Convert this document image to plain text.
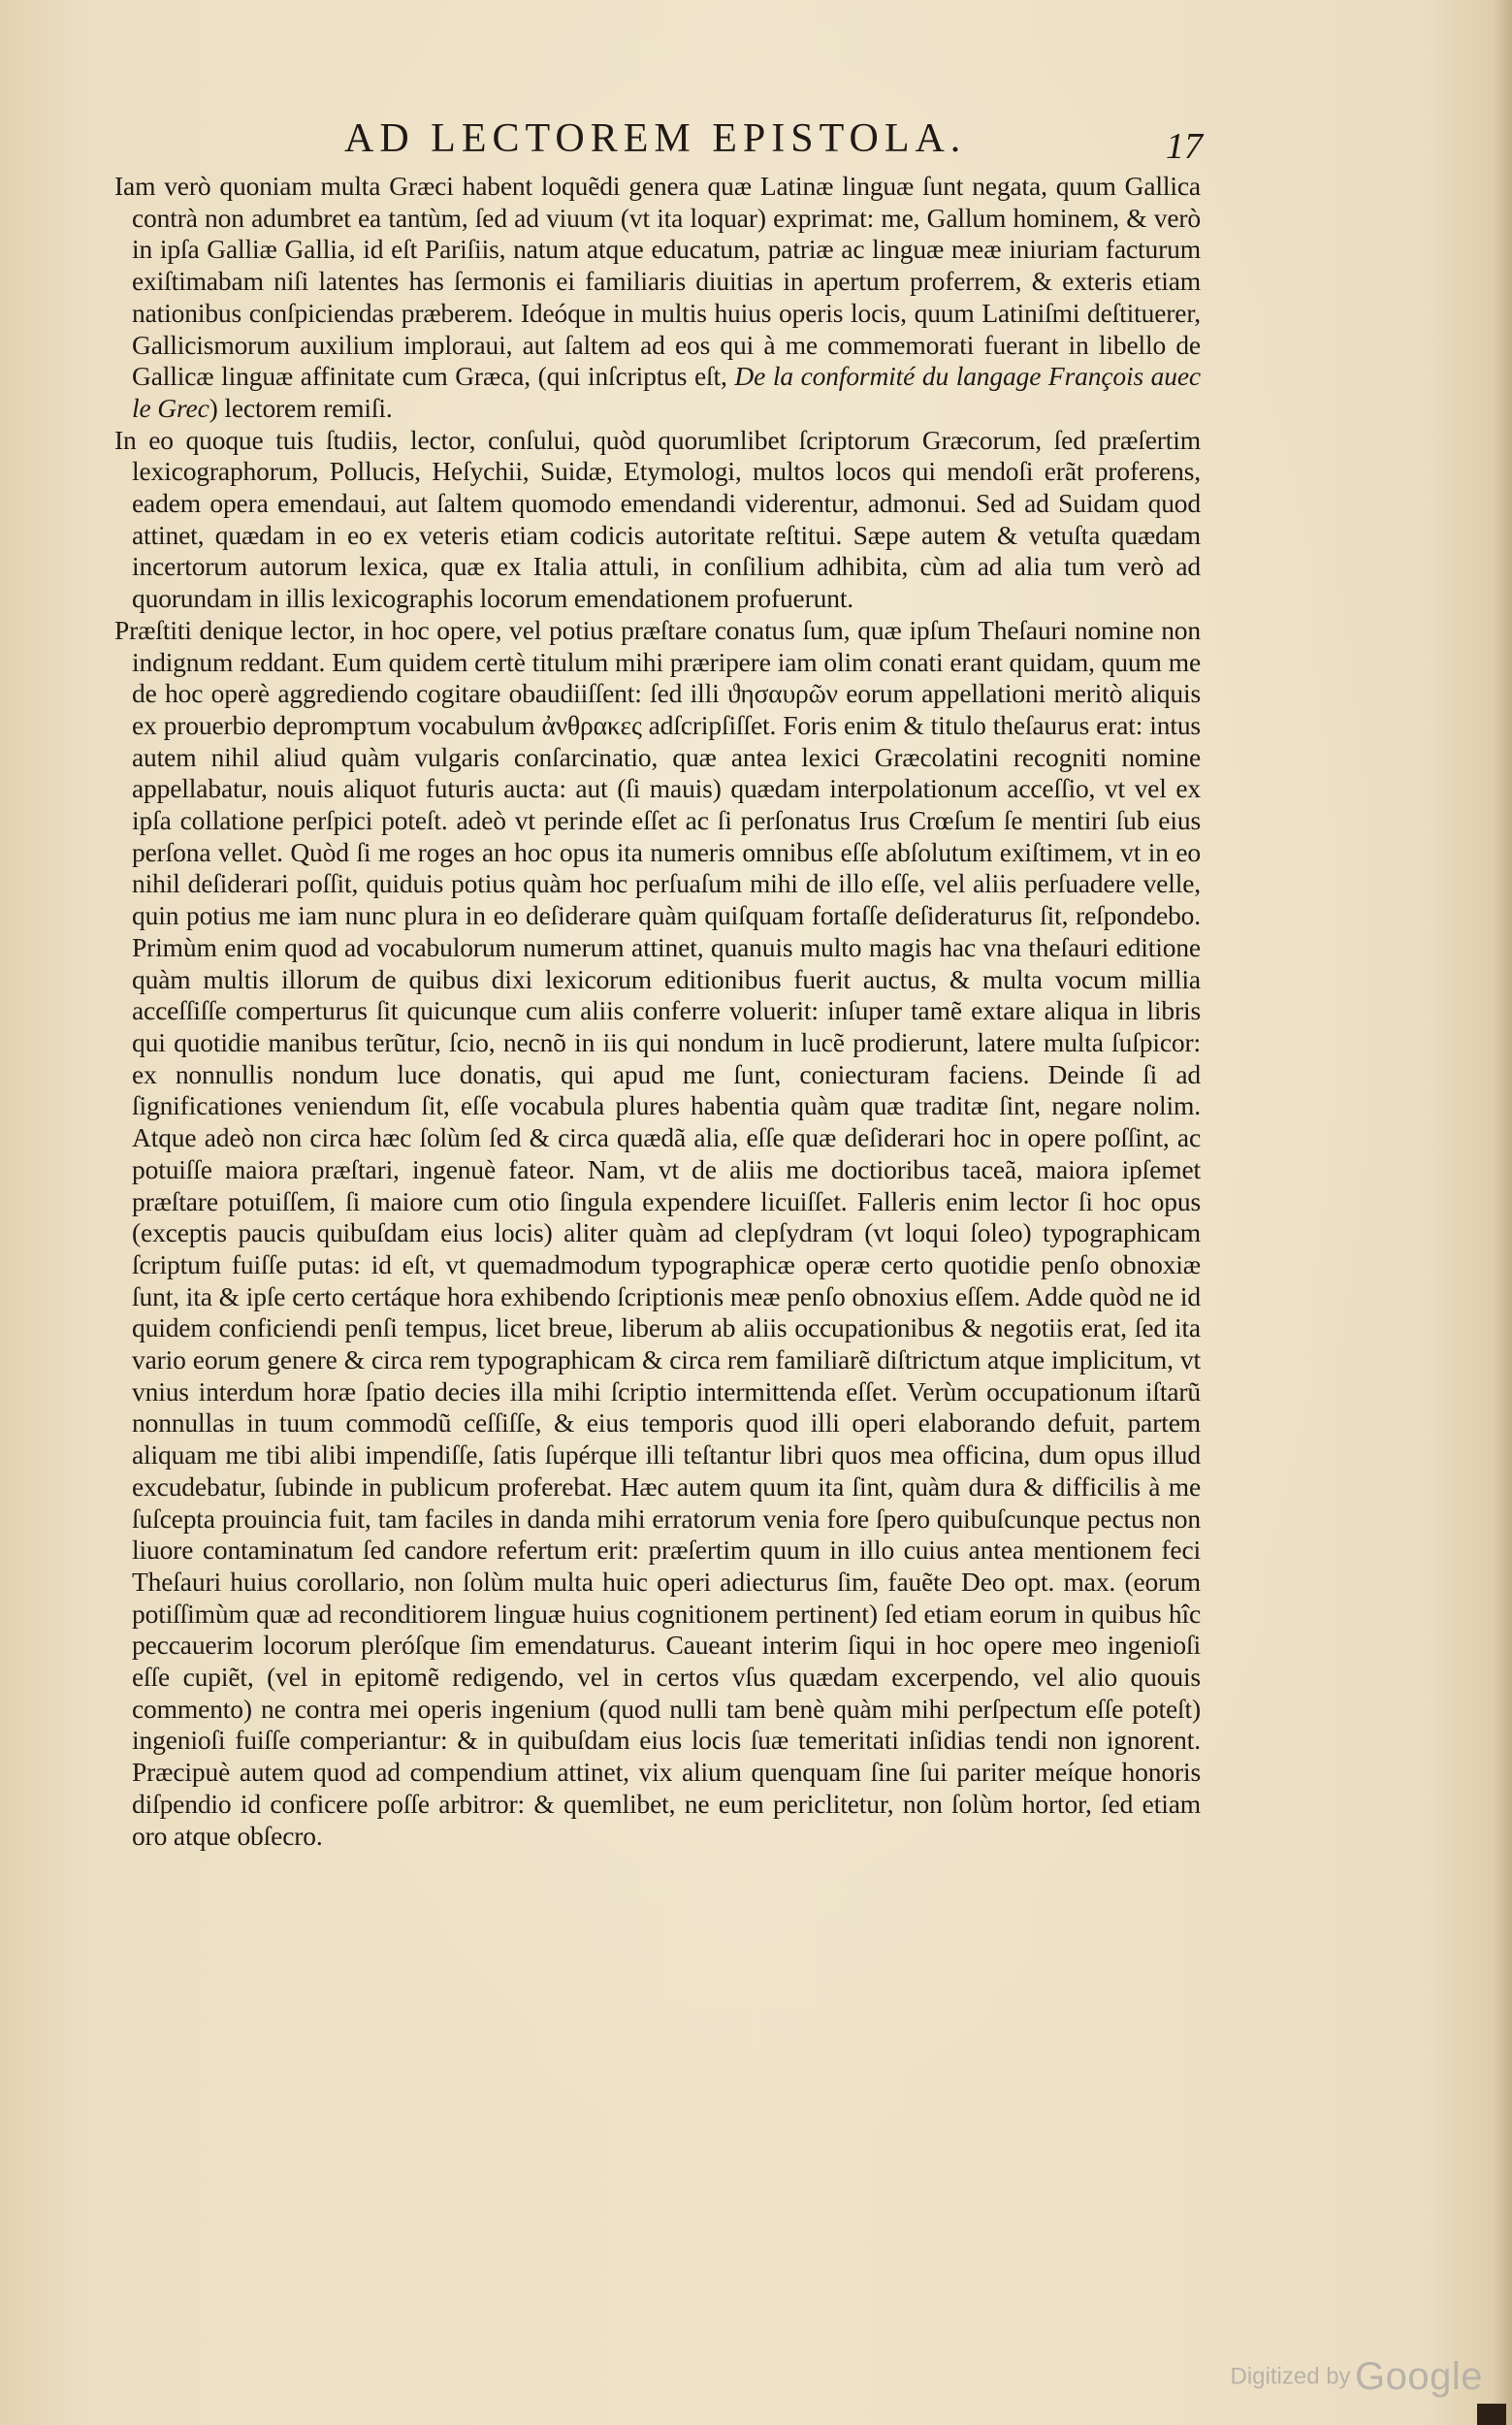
AD LECTOREM EPISTOLA.	17

Iam verò quoniam multa Græci habent loquẽdi genera quæ Latinæ linguæ ſunt negata, quum Gallica contrà non adumbret ea tantùm, ſed ad viuum (vt ita loquar) exprimat: me, Gallum hominem, & verò in ipſa Galliæ Gallia, id eſt Pariſiis, natum atque educatum, patriæ ac linguæ meæ iniuriam facturum exiſtimabam niſi latentes has ſermonis ei familiaris diuitias in apertum proferrem, & exteris etiam nationibus conſpiciendas præberem. Ideóque in multis huius operis locis, quum Latiniſmi deſtituerer, Gallicismorum auxilium imploraui, aut ſaltem ad eos qui à me commemorati fuerant in libello de Gallicæ linguæ affinitate cum Græca, (qui inſcriptus eſt, De la conformité du langage François auec le Grec) lectorem remiſi.

In eo quoque tuis ſtudiis, lector, conſului, quòd quorumlibet ſcriptorum Græcorum, ſed præſertim lexicographorum, Pollucis, Heſychii, Suidæ, Etymologi, multos locos qui mendoſi erãt proferens, eadem opera emendaui, aut ſaltem quomodo emendandi viderentur, admonui. Sed ad Suidam quod attinet, quædam in eo ex veteris etiam codicis autoritate reſtitui. Sæpe autem & vetuſta quædam incertorum autorum lexica, quæ ex Italia attuli, in conſilium adhibita, cùm ad alia tum verò ad quorundam in illis lexicographis locorum emendationem profuerunt.

Præſtiti denique lector, in hoc opere, vel potius præſtare conatus ſum, quæ ipſum Theſauri nomine non indignum reddant. Eum quidem certè titulum mihi præripere iam olim conati erant quidam, quum me de hoc operè aggrediendo cogitare obaudiiſſent: ſed illi ϑησαυρῶν eorum appellationi meritò aliquis ex prouerbio deprompτum vocabulum ἀνθρακες adſcripſiſſet. Foris enim & titulo theſaurus erat: intus autem nihil aliud quàm vulgaris conſarcinatio, quæ antea lexici Græcolatini recogniti nomine appellabatur, nouis aliquot futuris aucta: aut (ſi mauis) quædam interpolationum acceſſio, vt vel ex ipſa collatione perſpici poteſt. adeò vt perinde eſſet ac ſi perſonatus Irus Crœſum ſe mentiri ſub eius perſona vellet. Quòd ſi me roges an hoc opus ita numeris omnibus eſſe abſolutum exiſtimem, vt in eo nihil deſiderari poſſit, quiduis potius quàm hoc perſuaſum mihi de illo eſſe, vel aliis perſuadere velle, quin potius me iam nunc plura in eo deſiderare quàm quiſquam fortaſſe deſideraturus ſit, reſpondebo. Primùm enim quod ad vocabulorum numerum attinet, quanuis multo magis hac vna theſauri editione quàm multis illorum de quibus dixi lexicorum editionibus fuerit auctus, & multa vocum millia acceſſiſſe comperturus ſit quicunque cum aliis conferre voluerit: inſuper tamẽ extare aliqua in libris qui quotidie manibus terũtur, ſcio, necnõ in iis qui nondum in lucẽ prodierunt, latere multa ſuſpicor: ex nonnullis nondum luce donatis, qui apud me ſunt, coniecturam faciens. Deinde ſi ad ſignificationes veniendum ſit, eſſe vocabula plures habentia quàm quæ traditæ ſint, negare nolim. Atque adeò non circa hæc ſolùm ſed & circa quædã alia, eſſe quæ deſiderari hoc in opere poſſint, ac potuiſſe maiora præſtari, ingenuè fateor. Nam, vt de aliis me doctioribus taceã, maiora ipſemet præſtare potuiſſem, ſi maiore cum otio ſingula expendere licuiſſet. Falleris enim lector ſi hoc opus (exceptis paucis quibuſdam eius locis) aliter quàm ad clepſydram (vt loqui ſoleo) typographicam ſcriptum fuiſſe putas: id eſt, vt quemadmodum typographicæ operæ certo quotidie penſo obnoxiæ ſunt, ita & ipſe certo certáque hora exhibendo ſcriptionis meæ penſo obnoxius eſſem. Adde quòd ne id quidem conficiendi penſi tempus, licet breue, liberum ab aliis occupationibus & negotiis erat, ſed ita vario eorum genere & circa rem typographicam & circa rem familiarẽ diſtrictum atque implicitum, vt vnius interdum horæ ſpatio decies illa mihi ſcriptio intermittenda eſſet. Verùm occupationum iſtarũ nonnullas in tuum commodũ ceſſiſſe, & eius temporis quod illi operi elaborando defuit, partem aliquam me tibi alibi impendiſſe, ſatis ſupérque illi teſtantur libri quos mea officina, dum opus illud excudebatur, ſubinde in publicum proferebat. Hæc autem quum ita ſint, quàm dura & difficilis à me ſuſcepta prouincia fuit, tam faciles in danda mihi erratorum venia fore ſpero quibuſcunque pectus non liuore contaminatum ſed candore refertum erit: præſertim quum in illo cuius antea mentionem feci Theſauri huius corollario, non ſolùm multa huic operi adiecturus ſim, fauẽte Deo opt. max. (eorum potiſſimùm quæ ad reconditiorem linguæ huius cognitionem pertinent) ſed etiam eorum in quibus hîc peccauerim locorum pleróſque ſim emendaturus. Caueant interim ſiqui in hoc opere meo ingenioſi eſſe cupiẽt, (vel in epitomẽ redigendo, vel in certos vſus quædam excerpendo, vel alio quouis commento) ne contra mei operis ingenium (quod nulli tam benè quàm mihi perſpectum eſſe poteſt) ingenioſi fuiſſe comperiantur: & in quibuſdam eius locis ſuæ temeritati inſidias tendi non ignorent. Præcipuè autem quod ad compendium attinet, vix alium quenquam ſine ſui pariter meíque honoris diſpendio id conficere poſſe arbitror: & quemlibet, ne eum periclitetur, non ſolùm hortor, ſed etiam oro atque obſecro.

Digitized by Google
